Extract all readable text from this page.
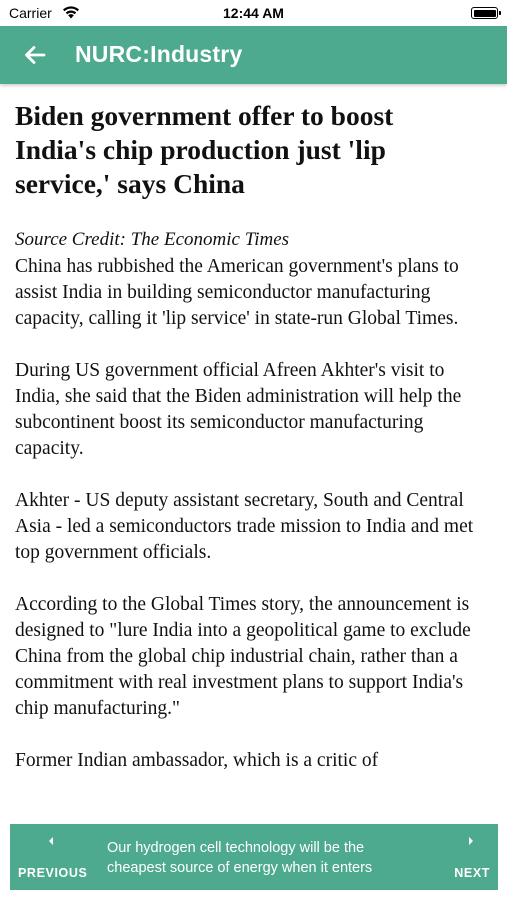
Carrier	12:44 AM
NURC:Industry
Biden government offer to boost India's chip production just 'lip service,' says China

Source Credit: The Economic Times

China has rubbished the American government's plans to assist India in building semiconductor manufacturing capacity, calling it 'lip service' in state-run Global Times.

During US government official Afreen Akhter's visit to India, she said that the Biden administration will help the subcontinent boost its semiconductor manufacturing capacity.

Akhter - US deputy assistant secretary, South and Central Asia - led a semiconductors trade mission to India and met top government officials.

According to the Global Times story, the announcement is designed to "lure India into a geopolitical game to exclude China from the global chip industrial chain, rather than a commitment with real investment plans to support India's chip manufacturing."

Former Indian ambassador, which is a critic of

PREVIOUS
Our hydrogen cell technology will be the cheapest source of energy when it enters	NEXT
